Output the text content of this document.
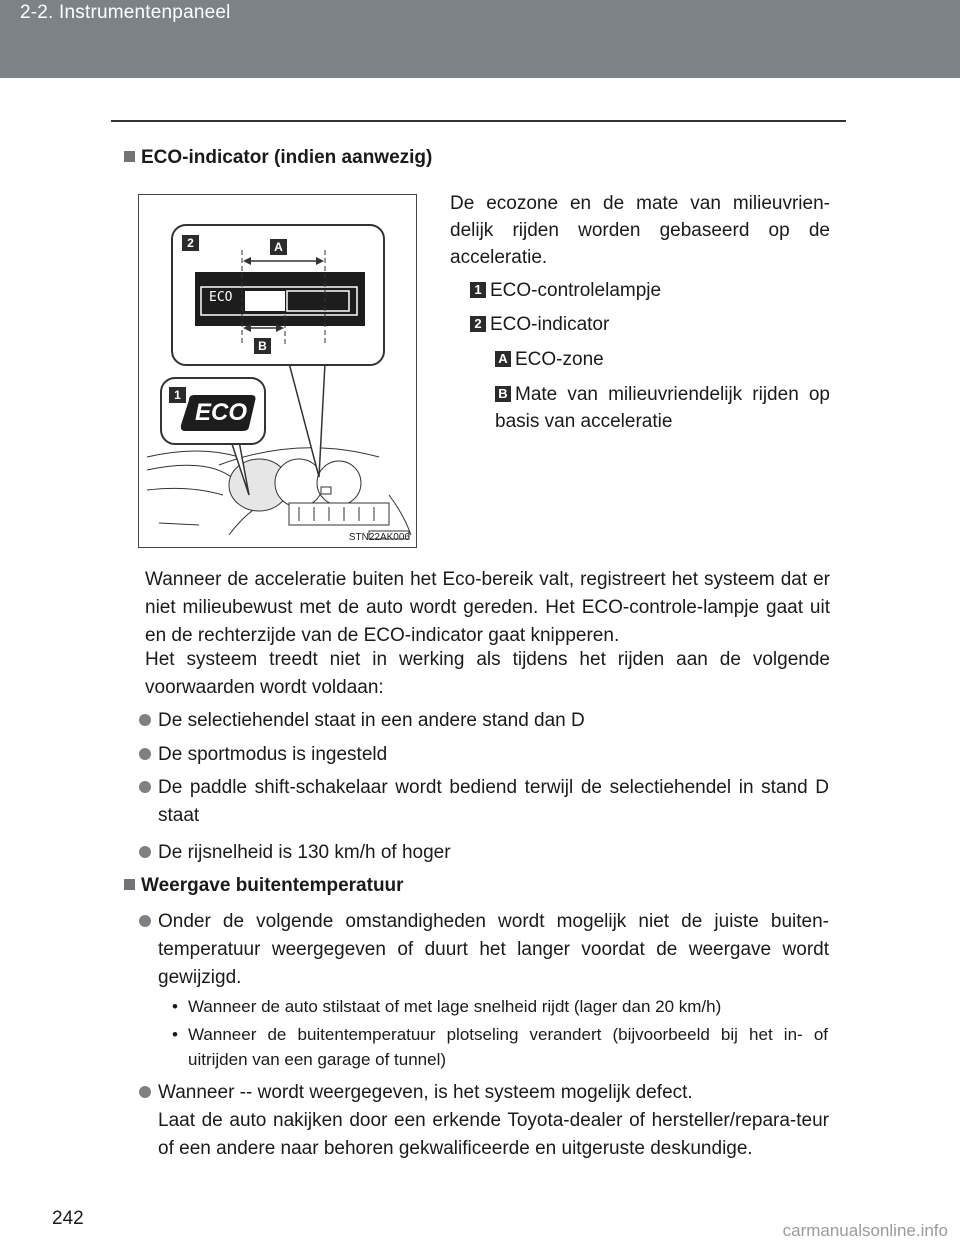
2-2. Instrumentenpaneel
ECO-indicator (indien aanwezig)
ECO
ECO
2	A
B
1
STN22AK006

De ecozone en de mate van milieuvrien-delijk rijden worden gebaseerd op de acceleratie.

1 ECO-controlelampje
2 ECO-indicator
A ECO-zone
B Mate van milieuvriendelijk rijden op basis van acceleratie
Wanneer de acceleratie buiten het Eco-bereik valt, registreert het systeem dat er niet milieubewust met de auto wordt gereden. Het ECO-controle-lampje gaat uit en de rechterzijde van de ECO-indicator gaat knipperen.
Het systeem treedt niet in werking als tijdens het rijden aan de volgende voorwaarden wordt voldaan:
De selectiehendel staat in een andere stand dan D
De sportmodus is ingesteld
De paddle shift-schakelaar wordt bediend terwijl de selectiehendel in stand D staat
De rijsnelheid is 130 km/h of hoger
Weergave buitentemperatuur
Onder de volgende omstandigheden wordt mogelijk niet de juiste buiten-temperatuur weergegeven of duurt het langer voordat de weergave wordt gewijzigd.
• Wanneer de auto stilstaat of met lage snelheid rijdt (lager dan 20 km/h)
• Wanneer de buitentemperatuur plotseling verandert (bijvoorbeeld bij het in- of uitrijden van een garage of tunnel)
Wanneer -- wordt weergegeven, is het systeem mogelijk defect.
Laat de auto nakijken door een erkende Toyota-dealer of hersteller/repara-teur of een andere naar behoren gekwalificeerde en uitgeruste deskundige.
242
carmanualsonline.info
